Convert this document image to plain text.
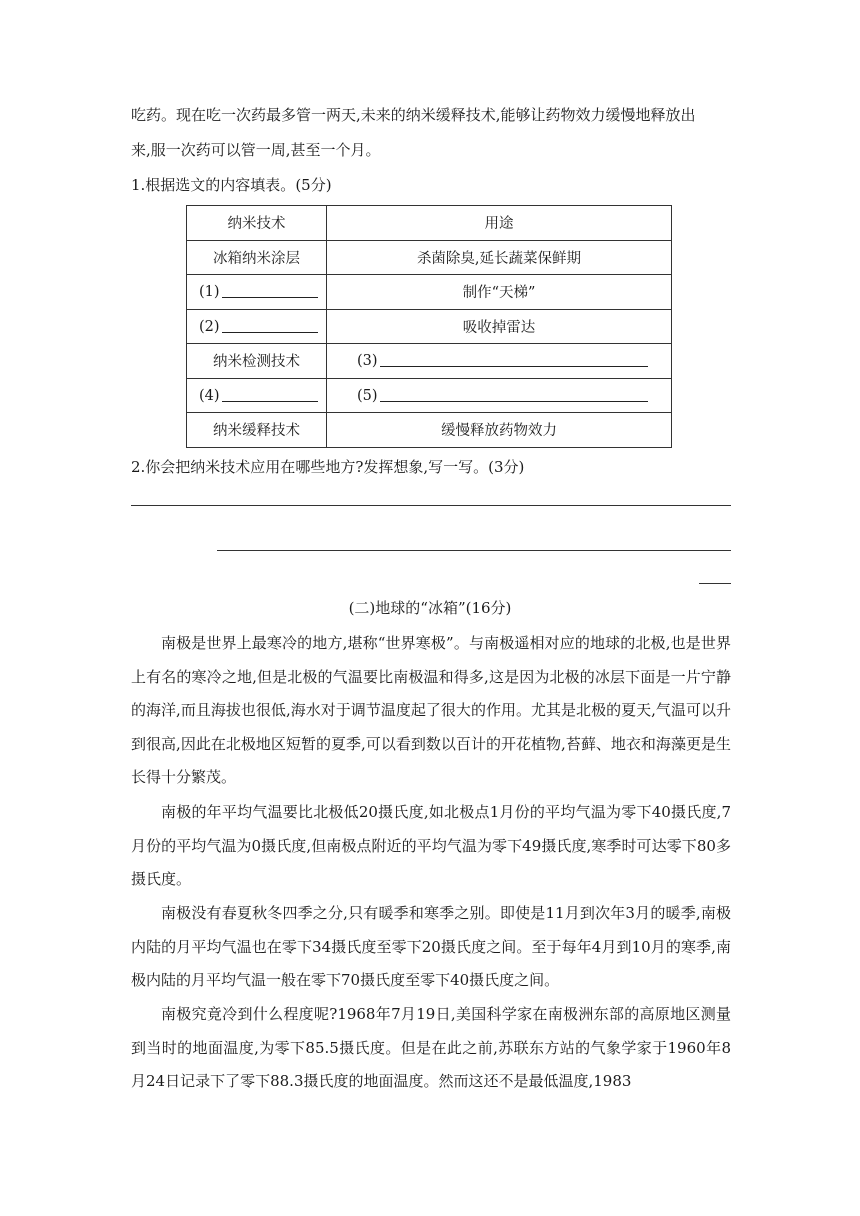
吃药。现在吃一次药最多管一两天,未来的纳米缓释技术,能够让药物效力缓慢地释放出
来,服一次药可以管一周,甚至一个月。
1.根据选文的内容填表。(5分)
纳米技术	用途
冰箱纳米涂层	杀菌除臭,延长蔬菜保鲜期
(1)	制作“天梯”
(2)	吸收掉雷达
纳米检测技术	(3)
(4)	(5)
纳米缓释技术	缓慢释放药物效力
2.你会把纳米技术应用在哪些地方?发挥想象,写一写。(3分)
(二)地球的“冰箱”(16分)

南极是世界上最寒冷的地方,堪称“世界寒极”。与南极遥相对应的地球的北极,也是世界上有名的寒冷之地,但是北极的气温要比南极温和得多,这是因为北极的冰层下面是一片宁静的海洋,而且海拔也很低,海水对于调节温度起了很大的作用。尤其是北极的夏天,气温可以升到很高,因此在北极地区短暂的夏季,可以看到数以百计的开花植物,苔藓、地衣和海藻更是生长得十分繁茂。

南极的年平均气温要比北极低20摄氏度,如北极点1月份的平均气温为零下40摄氏度,7月份的平均气温为0摄氏度,但南极点附近的平均气温为零下49摄氏度,寒季时可达零下80多摄氏度。

南极没有春夏秋冬四季之分,只有暖季和寒季之别。即使是11月到次年3月的暖季,南极内陆的月平均气温也在零下34摄氏度至零下20摄氏度之间。至于每年4月到10月的寒季,南极内陆的月平均气温一般在零下70摄氏度至零下40摄氏度之间。

南极究竟冷到什么程度呢?1968年7月19日,美国科学家在南极洲东部的高原地区测量到当时的地面温度,为零下85.5摄氏度。但是在此之前,苏联东方站的气象学家于1960年8月24日记录下了零下88.3摄氏度的地面温度。然而这还不是最低温度,1983
